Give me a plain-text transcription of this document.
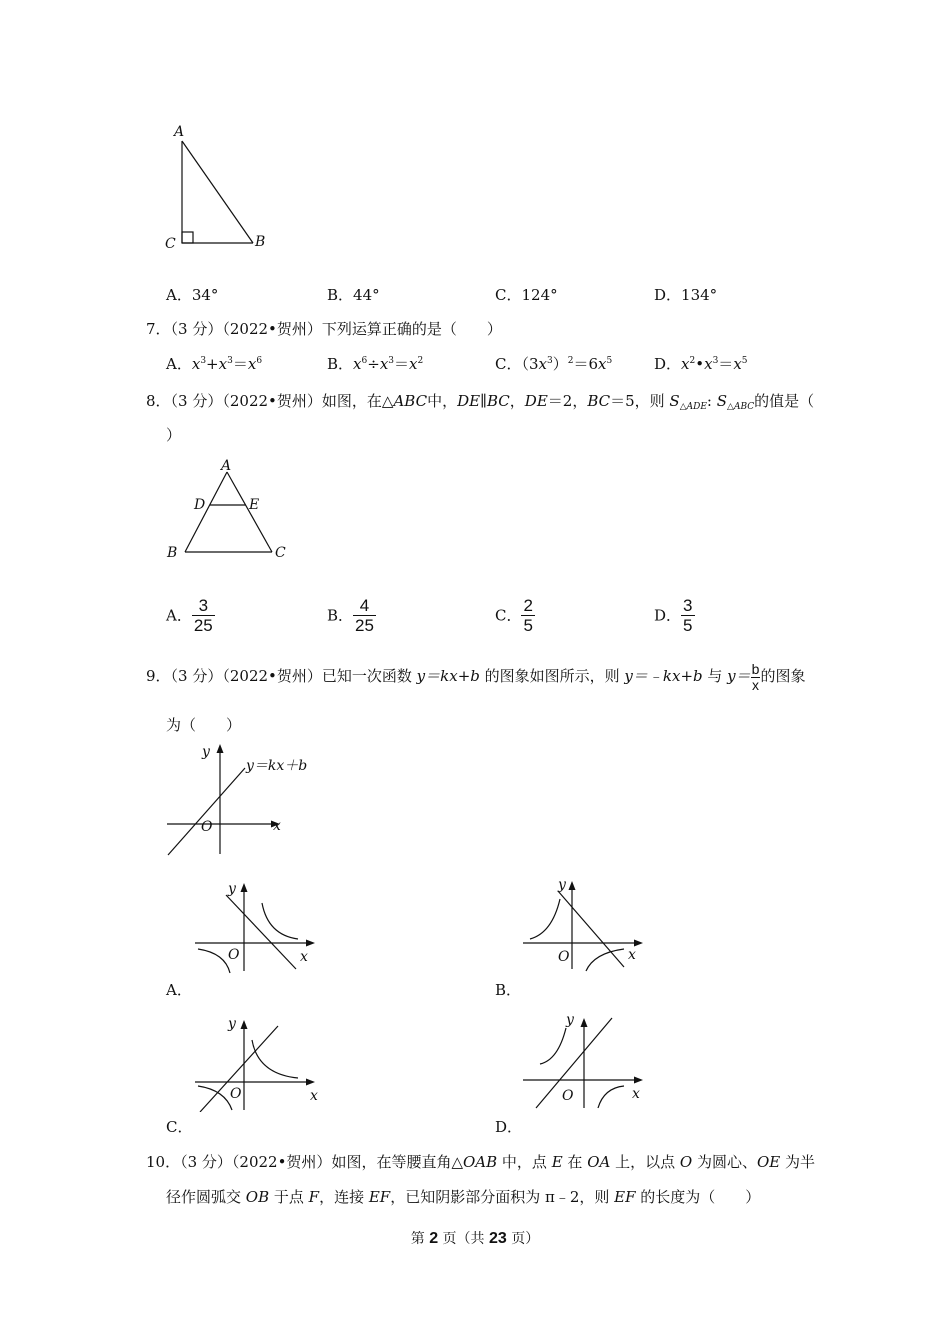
A
C	B
A．34°	B．44°	C．124°	D．134°
7．（3 分）（2022•贺州）下列运算正确的是（　　）
A．$x^3+x^3=x^6$	B．$x^6\div x^3=x^2$	C．$(3x^3)^2=6x^5$	D．$x^2•x^3=x^5$
8．（3 分）（2022•贺州）如图，在△ABC中，DE∥BC，DE＝2，BC＝5，则 $S_{\triangle ADE}$: $S_{\triangle ABC}$的值是（
）
A
D	E
B	C
A． $\frac{3}{25}$	B． $\frac{4}{25}$	C． $\frac{2}{5}$	D． $\frac{3}{5}$
9．（3 分）（2022•贺州）已知一次函数 y＝kx+b 的图象如图所示，则 y＝﹣kx+b 与 $y= \frac{b}{x}$ 的图象
为（　　）
y
y＝kx＋b
O	x
y
O	x
A．
y
O	x
B．
y
O	x
C．
y
O	x
D．
10．（3 分）（2022•贺州）如图，在等腰直角△OAB 中，点 E 在 OA 上，以点 O 为圆心、OE 为半
径作圆弧交 OB 于点 F，连接 EF，已知阴影部分面积为 π﹣2，则 EF 的长度为（　　）
第 2 页（共 23 页）
